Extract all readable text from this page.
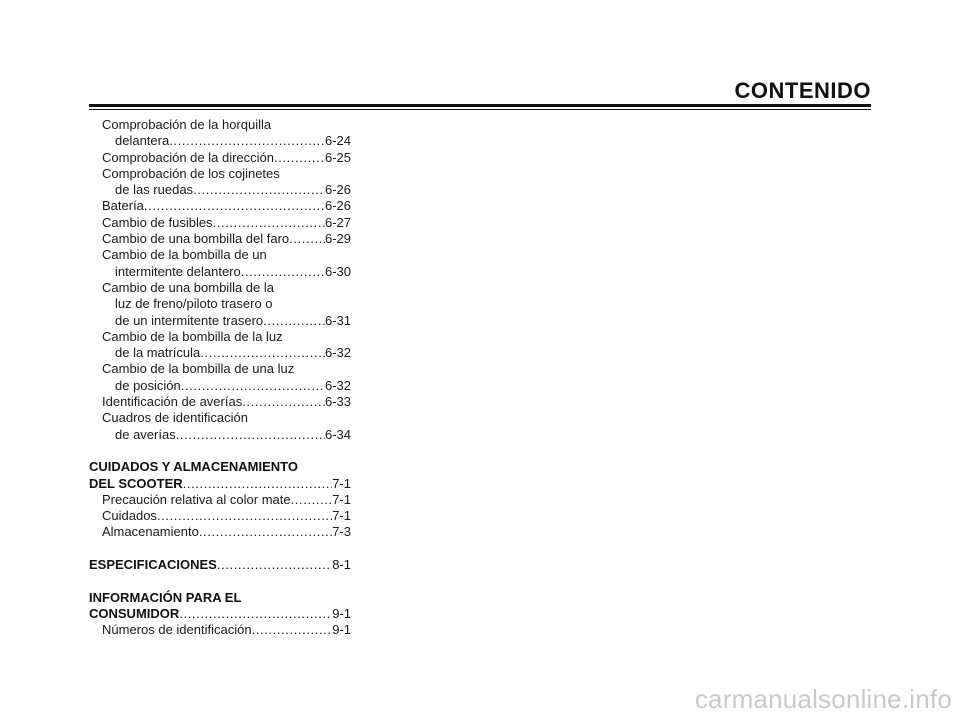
CONTENIDO
Comprobación de la horquilla
delantera .....	6-24
Comprobación de la dirección .....	6-25
Comprobación de los cojinetes
de las ruedas .....	6-26
Batería .....	6-26
Cambio de fusibles .....	6-27
Cambio de una bombilla del faro .....	6-29
Cambio de la bombilla de un
intermitente delantero .....	6-30
Cambio de una bombilla de la
luz de freno/piloto trasero o
de un intermitente trasero .....	6-31
Cambio de la bombilla de la luz
de la matrícula .....	6-32
Cambio de la bombilla de una luz
de posición .....	6-32
Identificación de averías .....	6-33
Cuadros de identificación
de averías .....	6-34
CUIDADOS Y ALMACENAMIENTO
DEL SCOOTER .....	7-1
Precaución relativa al color mate .....	7-1
Cuidados .....	7-1
Almacenamiento .....	7-3
ESPECIFICACIONES .....	8-1
INFORMACIÓN PARA EL
CONSUMIDOR .....	9-1
Números de identificación .....	9-1
carmanualsonline.info
